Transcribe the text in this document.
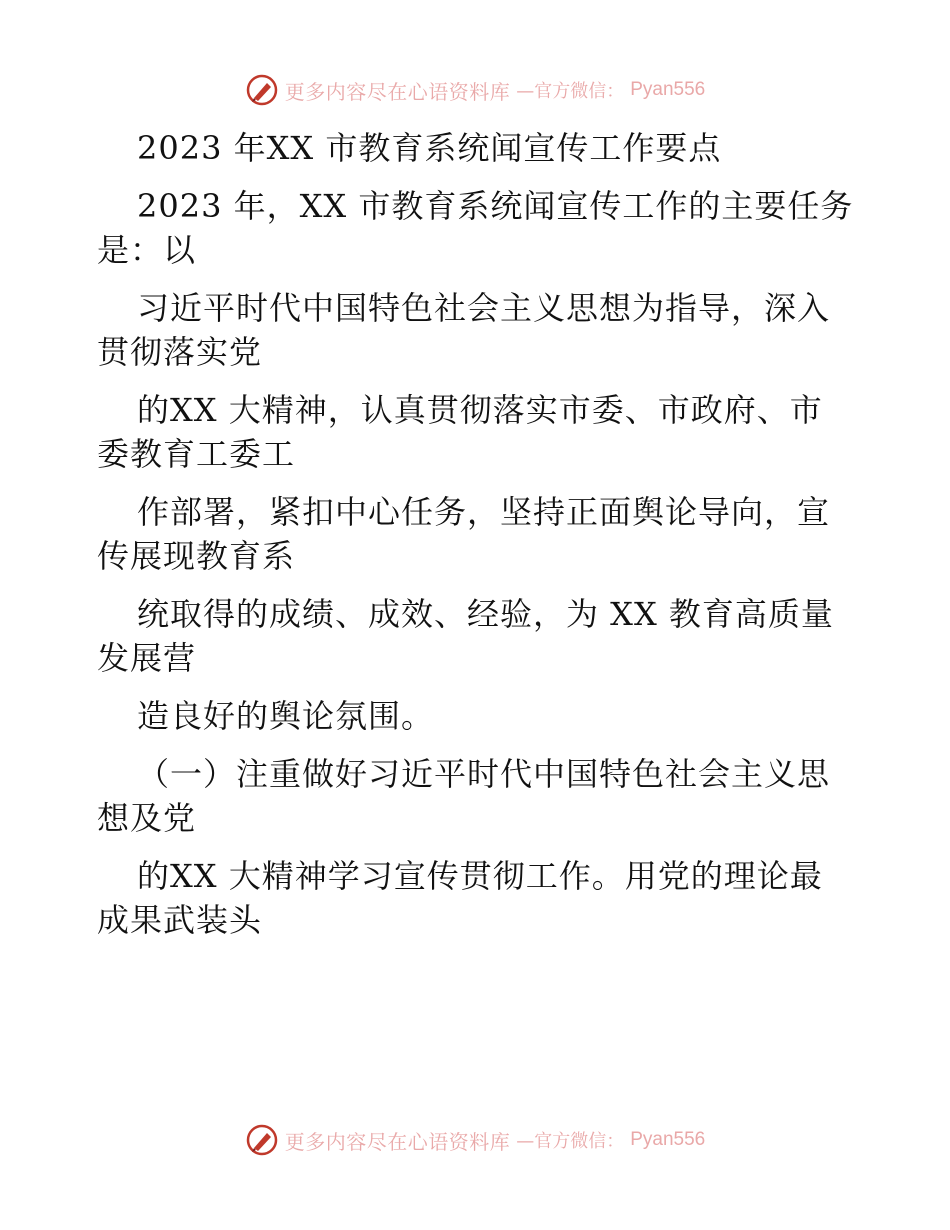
更多内容尽在心语资料库 —官方微信： Pyan556

2023 年XX 市教育系统闻宣传工作要点

2023 年，XX 市教育系统闻宣传工作的主要任务

是：以

习近平时代中国特色社会主义思想为指导，深入

贯彻落实党

的XX 大精神，认真贯彻落实市委、市政府、市

委教育工委工

作部署，紧扣中心任务，坚持正面舆论导向，宣

传展现教育系

统取得的成绩、成效、经验，为 XX 教育高质量

发展营

造良好的舆论氛围。

（一）注重做好习近平时代中国特色社会主义思

想及党

的XX 大精神学习宣传贯彻工作。用党的理论最

成果武装头

更多内容尽在心语资料库 —官方微信： Pyan556
